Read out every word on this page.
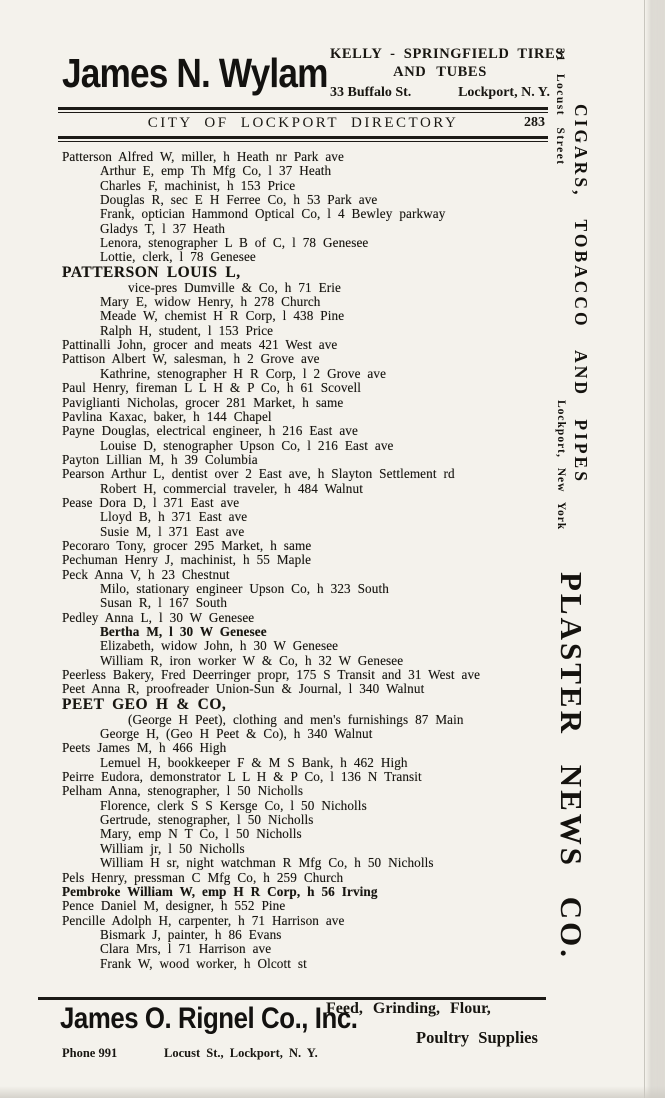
James N. Wylam KELLY - SPRINGFIELD TIRES
AND TUBES
33 Buffalo St.	Lockport, N. Y.
CITY OF LOCKPORT DIRECTORY	283
Patterson Alfred W, miller, h Heath nr Park ave
Arthur E, emp Th Mfg Co, l 37 Heath
Charles F, machinist, h 153 Price
Douglas R, sec E H Ferree Co, h 53 Park ave
Frank, optician Hammond Optical Co, l 4 Bewley parkway
Gladys T, l 37 Heath
Lenora, stenographer L B of C, l 78 Genesee
Lottie, clerk, l 78 Genesee
PATTERSON LOUIS L,
vice-pres Dumville & Co, h 71 Erie
Mary E, widow Henry, h 278 Church
Meade W, chemist H R Corp, l 438 Pine
Ralph H, student, l 153 Price
Pattinalli John, grocer and meats 421 West ave
Pattison Albert W, salesman, h 2 Grove ave
Kathrine, stenographer H R Corp, l 2 Grove ave
Paul Henry, fireman L L H & P Co, h 61 Scovell
Paviglianti Nicholas, grocer 281 Market, h same
Pavlina Kaxac, baker, h 144 Chapel
Payne Douglas, electrical engineer, h 216 East ave
Louise D, stenographer Upson Co, l 216 East ave
Payton Lillian M, h 39 Columbia
Pearson Arthur L, dentist over 2 East ave, h Slayton Settlement rd
Robert H, commercial traveler, h 484 Walnut
Pease Dora D, l 371 East ave
Lloyd B, h 371 East ave
Susie M, l 371 East ave
Pecoraro Tony, grocer 295 Market, h same
Pechuman Henry J, machinist, h 55 Maple
Peck Anna V, h 23 Chestnut
Milo, stationary engineer Upson Co, h 323 South
Susan R, l 167 South
Pedley Anna L, l 30 W Genesee
Bertha M, l 30 W Genesee
Elizabeth, widow John, h 30 W Genesee
William R, iron worker W & Co, h 32 W Genesee
Peerless Bakery, Fred Deerringer propr, 175 S Transit and 31 West ave
Peet Anna R, proofreader Union-Sun & Journal, l 340 Walnut
PEET GEO H & CO,
(George H Peet), clothing and men's furnishings 87 Main
George H, (Geo H Peet & Co), h 340 Walnut
Peets James M, h 466 High
Lemuel H, bookkeeper F & M S Bank, h 462 High
Peirre Eudora, demonstrator L L H & P Co, l 136 N Transit
Pelham Anna, stenographer, l 50 Nicholls
Florence, clerk S S Kersge Co, l 50 Nicholls
Gertrude, stenographer, l 50 Nicholls
Mary, emp N T Co, l 50 Nicholls
William jr, l 50 Nicholls
William H sr, night watchman R Mfg Co, h 50 Nicholls
Pels Henry, pressman C Mfg Co, h 259 Church
Pembroke William W, emp H R Corp, h 56 Irving
Pence Daniel M, designer, h 552 Pine
Pencille Adolph H, carpenter, h 71 Harrison ave
Bismark J, painter, h 86 Evans
Clara Mrs, l 71 Harrison ave
Frank W, wood worker, h Olcott st
31 Locust Street CIGARS, TOBACCO AND PIPES
Lockport, New York
PLASTER NEWS CO.
James O. Rignel Co., Inc.
Feed, Grinding, Flour,
Poultry Supplies
Phone 991	Locust St., Lockport, N. Y.
